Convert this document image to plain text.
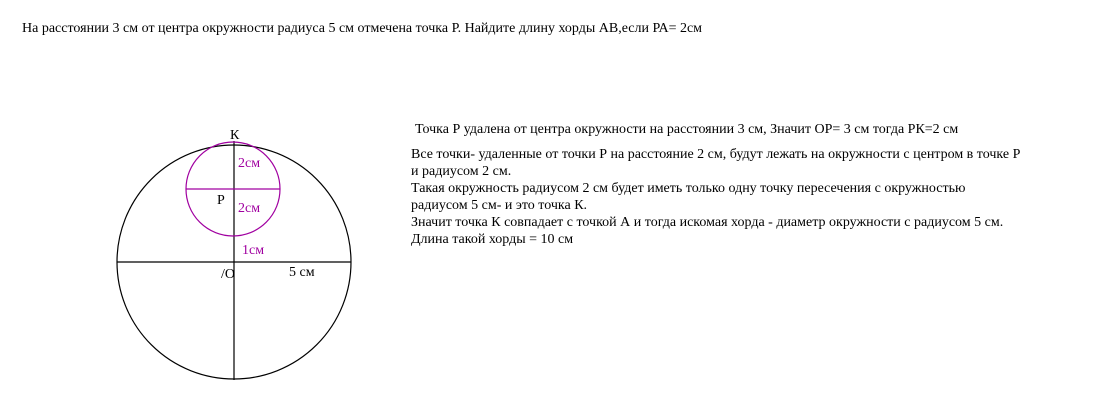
На расстоянии 3 см от центра окружности радиуса 5 см отмечена точка Р. Найдите длину хорды АВ,если РА= 2см
К
Р
/О
2см
2см
1см
5 см
Точка Р удалена от центра окружности на расстоянии 3 см, Значит ОР= 3 см тогда РК=2 см
Все точки- удаленные от точки Р на расстояние 2 см, будут лежать на окружности с центром в точке Р
и радиусом 2 см.
Такая окружность радиусом 2 см будет иметь только одну точку пересечения с окружностью
радиусом 5 см- и это точка К.
Значит точка К совпадает с точкой А и тогда искомая хорда - диаметр окружности с радиусом 5 см.
Длина такой хорды = 10 см
